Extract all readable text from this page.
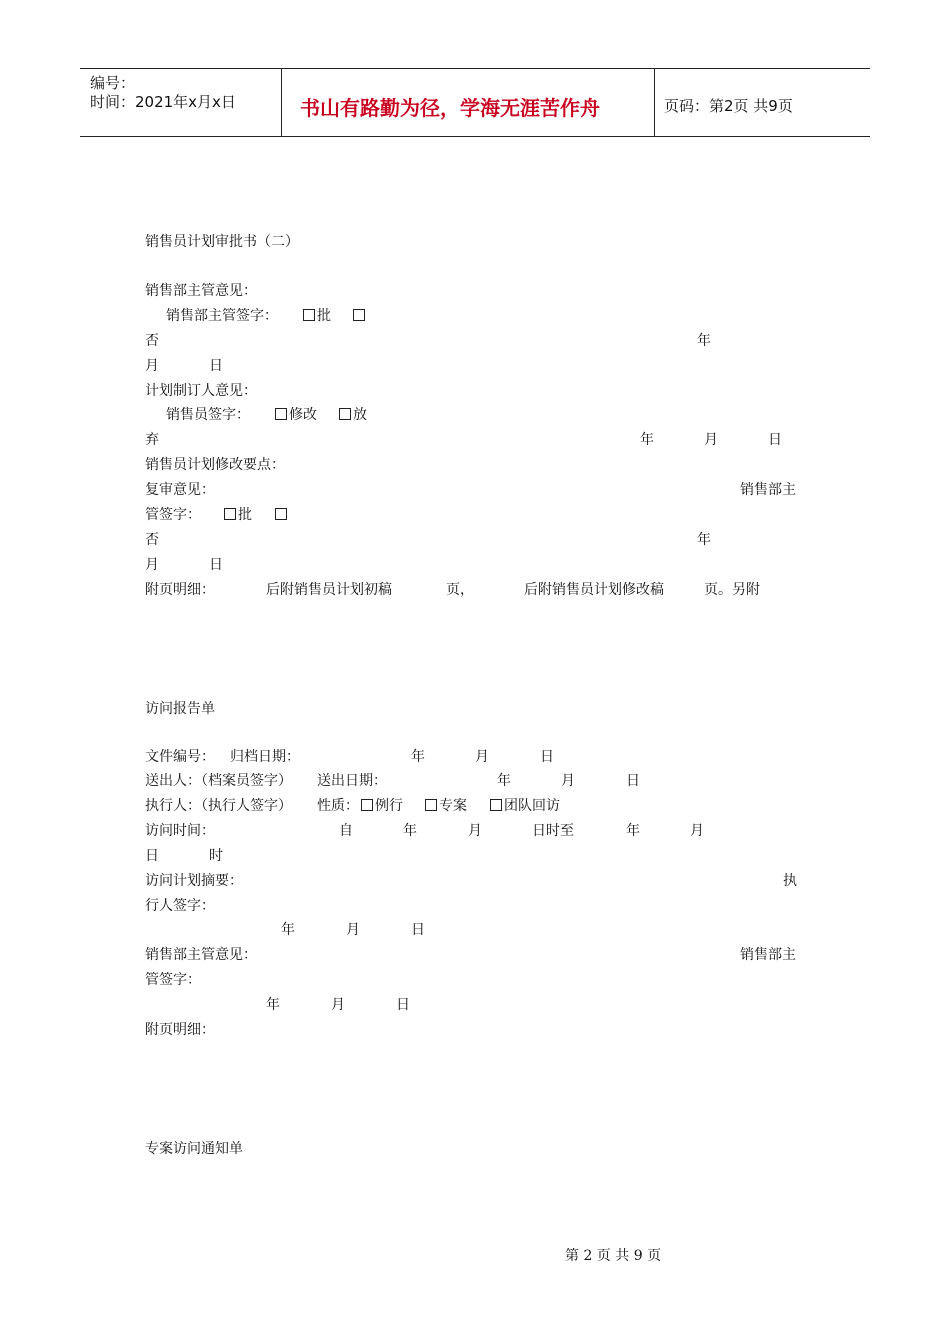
编号：
时间：2021年x月x日	书山有路勤为径，学海无涯苦作舟	页码：第2页 共9页
销售员计划审批书（二）
销售部主管意见：
销售部主管签字：	批
否	年
月	日
计划制订人意见：
销售员签字：	修改	放
弃	年	月	日
销售员计划修改要点：
复审意见：	销售部主
管签字：	批
否	年
月	日
附页明细：	后附销售员计划初稿	页，	后附销售员计划修改稿	页。另附
访问报告单
文件编号： 归档日期：	年	月	日
送出人：（档案员签字） 送出日期：	年	月	日
执行人：（执行人签字） 性质：	例行	专案	团队回访
访问时间：	自	年	月	日时至	年	月
日	时
访问计划摘要：	执
行人签字：
年	月	日
销售部主管意见：	销售部主
管签字：
年	月	日
附页明细：
专案访问通知单
第 2 页 共 9 页
